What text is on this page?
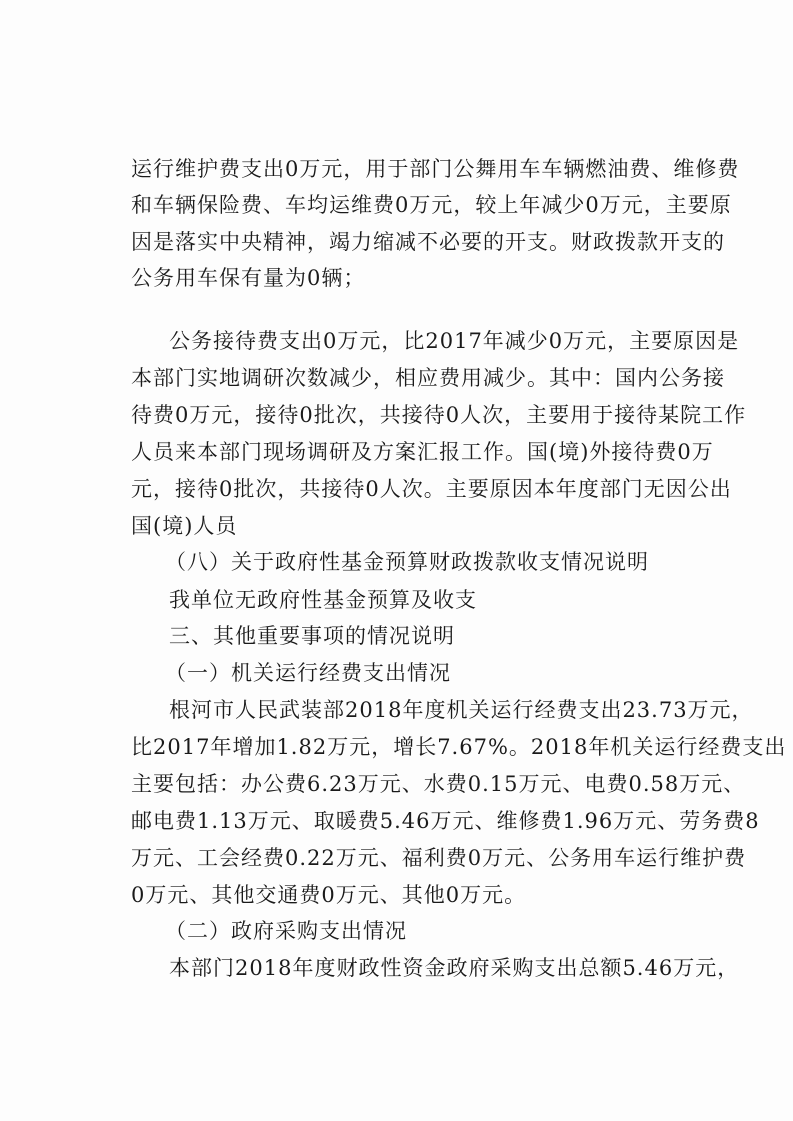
运行维护费支出0万元，用于部门公舞用车车辆燃油费、维修费
和车辆保险费、车均运维费0万元，较上年减少0万元，主要原
因是落实中央精神，竭力缩减不必要的开支。财政拨款开支的
公务用车保有量为0辆；
公务接待费支出0万元，比2017年减少0万元，主要原因是
本部门实地调研次数减少，相应费用减少。其中：国内公务接
待费0万元，接待0批次，共接待0人次，主要用于接待某院工作
人员来本部门现场调研及方案汇报工作。国(境)外接待费0万
元，接待0批次，共接待0人次。主要原因本年度部门无因公出
国(境)人员
（八）关于政府性基金预算财政拨款收支情况说明
我单位无政府性基金预算及收支
三、其他重要事项的情况说明
（一）机关运行经费支出情况
根河市人民武装部2018年度机关运行经费支出23.73万元，
比2017年增加1.82万元，增长7.67%。2018年机关运行经费支出
主要包括：办公费6.23万元、水费0.15万元、电费0.58万元、
邮电费1.13万元、取暖费5.46万元、维修费1.96万元、劳务费8
万元、工会经费0.22万元、福利费0万元、公务用车运行维护费
0万元、其他交通费0万元、其他0万元。
（二）政府采购支出情况
本部门2018年度财政性资金政府采购支出总额5.46万元，
